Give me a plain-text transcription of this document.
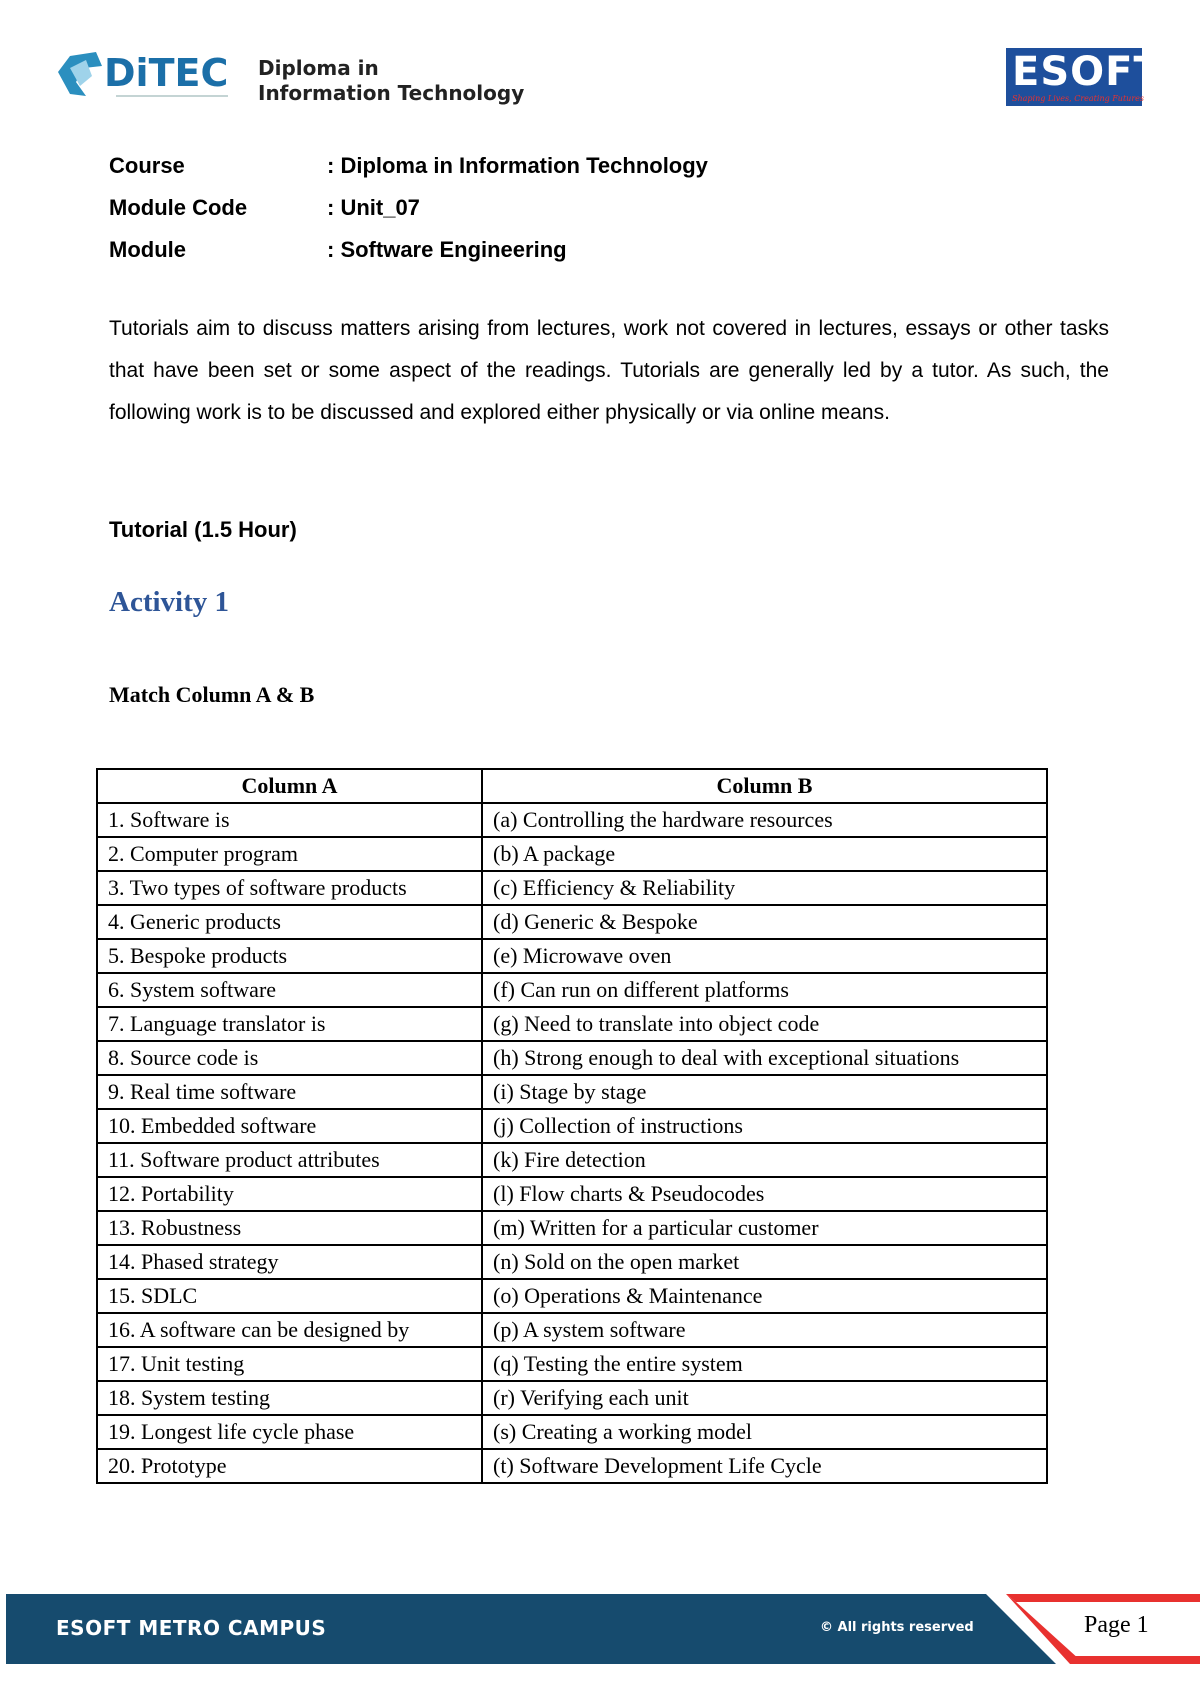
DiTEC Diploma in
Information Technology	ESOFT
Shaping Lives, Creating Futures
Course	: Diploma in Information Technology
Module Code	: Unit_07
Module	: Software Engineering

Tutorials aim to discuss matters arising from lectures, work not covered in lectures, essays or other tasks that have been set or some aspect of the readings. Tutorials are generally led by a tutor. As such, the following work is to be discussed and explored either physically or via online means.

Tutorial (1.5 Hour)
Activity 1
Match Column A & B
Column A	Column B
1. Software is	(a) Controlling the hardware resources
2. Computer program	(b) A package
3. Two types of software products	(c) Efficiency & Reliability
4. Generic products	(d) Generic & Bespoke
5. Bespoke products	(e) Microwave oven
6. System software	(f) Can run on different platforms
7. Language translator is	(g) Need to translate into object code
8. Source code is	(h) Strong enough to deal with exceptional situations
9. Real time software	(i) Stage by stage
10. Embedded software	(j) Collection of instructions
11. Software product attributes	(k) Fire detection
12. Portability	(l) Flow charts & Pseudocodes
13. Robustness	(m) Written for a particular customer
14. Phased strategy	(n) Sold on the open market
15. SDLC	(o) Operations & Maintenance
16. A software can be designed by	(p) A system software
17. Unit testing	(q) Testing the entire system
18. System testing	(r) Verifying each unit
19. Longest life cycle phase	(s) Creating a working model
20. Prototype	(t) Software Development Life Cycle
ESOFT METRO CAMPUS	© All rights reserved	Page 1
